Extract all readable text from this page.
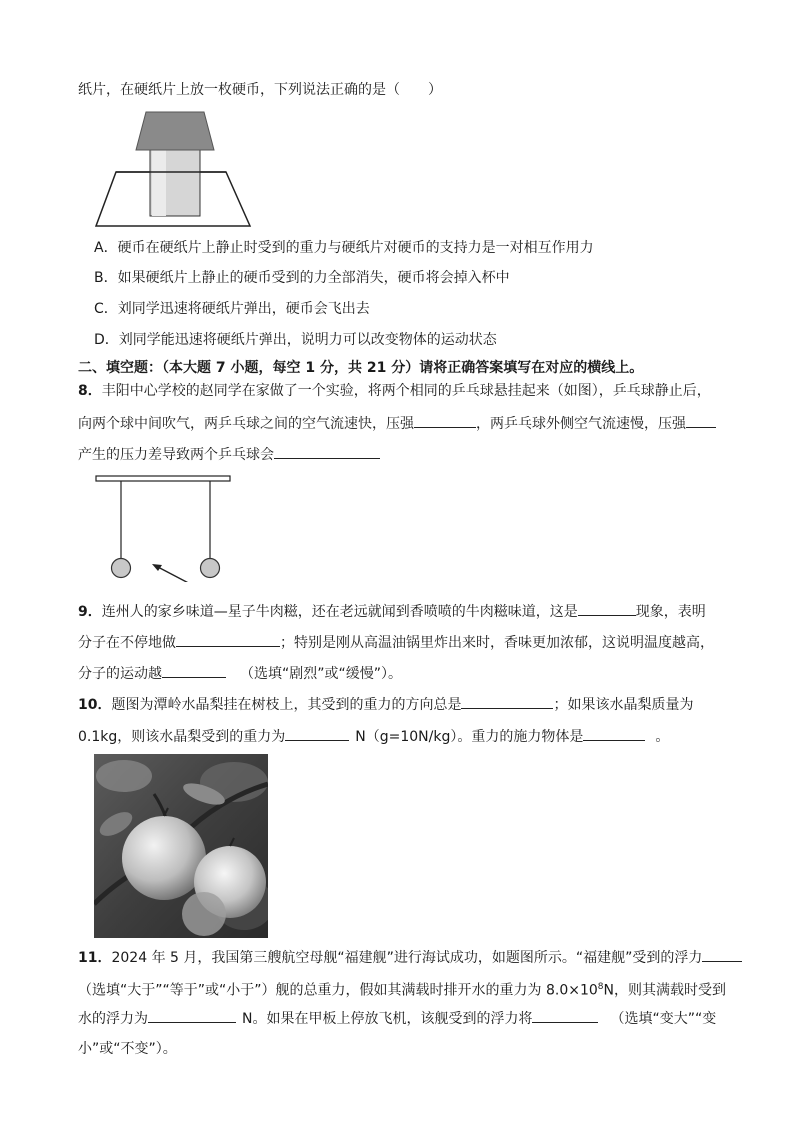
纸片，在硬纸片上放一枚硬币，下列说法正确的是（　　）
A．硬币在硬纸片上静止时受到的重力与硬纸片对硬币的支持力是一对相互作用力
B．如果硬纸片上静止的硬币受到的力全部消失，硬币将会掉入杯中
C．刘同学迅速将硬纸片弹出，硬币会飞出去
D．刘同学能迅速将硬纸片弹出，说明力可以改变物体的运动状态
二、填空题：（本大题 7 小题，每空 1 分，共 21 分）请将正确答案填写在对应的横线上。
8．丰阳中心学校的赵同学在家做了一个实验，将两个相同的乒乓球悬挂起来（如图），乒乓球静止后，
向两个球中间吹气，两乒乓球之间的空气流速快，压强	，两乒乓球外侧空气流速慢，压强
产生的压力差导致两个乒乓球会
9．连州人的家乡味道—星子牛肉糍，还在老远就闻到香喷喷的牛肉糍味道，这是	现象，表明
分子在不停地做	；特别是刚从高温油锅里炸出来时，香味更加浓郁，这说明温度越高，
分子的运动越	（选填“剧烈”或“缓慢”）。
10．题图为潭岭水晶梨挂在树枝上，其受到的重力的方向总是	；如果该水晶梨质量为
0.1kg，则该水晶梨受到的重力为	N（g=10N/kg）。重力的施力物体是	。
11．2024 年 5 月，我国第三艘航空母舰“福建舰”进行海试成功，如题图所示。“福建舰”受到的浮力
（选填“大于”“等于”或“小于”）舰的总重力，假如其满载时排开水的重力为 $8.0\times 10^8N$，则其满载时受到
水的浮力为	N。如果在甲板上停放飞机，该舰受到的浮力将	（选填“变大”“变
小”或“不变”）。
